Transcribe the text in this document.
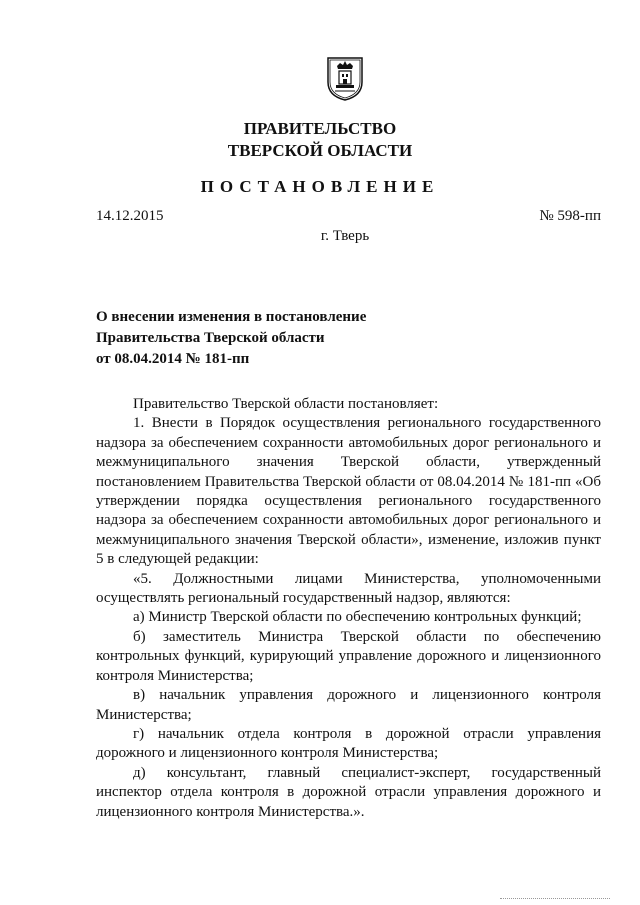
ПРАВИТЕЛЬСТВО
ТВЕРСКОЙ ОБЛАСТИ
ПОСТАНОВЛЕНИЕ
14.12.2015	№ 598-пп
г. Тверь
О внесении изменения в постановление
Правительства Тверской области
от 08.04.2014 № 181-пп

Правительство Тверской области постановляет:

1. Внести в Порядок осуществления регионального государственного надзора за обеспечением сохранности автомобильных дорог регионального и межмуниципального значения Тверской области, утвержденный постановлением Правительства Тверской области от 08.04.2014 № 181-пп «Об утверждении порядка осуществления регионального государственного надзора за обеспечением сохранности автомобильных дорог регионального и межмуниципального значения Тверской области», изменение, изложив пункт 5 в следующей редакции:

«5. Должностными лицами Министерства, уполномоченными осуществлять региональный государственный надзор, являются:

а) Министр Тверской области по обеспечению контрольных функций;

б) заместитель Министра Тверской области по обеспечению контрольных функций, курирующий управление дорожного и лицензионного контроля Министерства;

в) начальник управления дорожного и лицензионного контроля Министерства;

г) начальник отдела контроля в дорожной отрасли управления дорожного и лицензионного контроля Министерства;

д) консультант, главный специалист-эксперт, государственный инспектор отдела контроля в дорожной отрасли управления дорожного и лицензионного контроля Министерства.».
